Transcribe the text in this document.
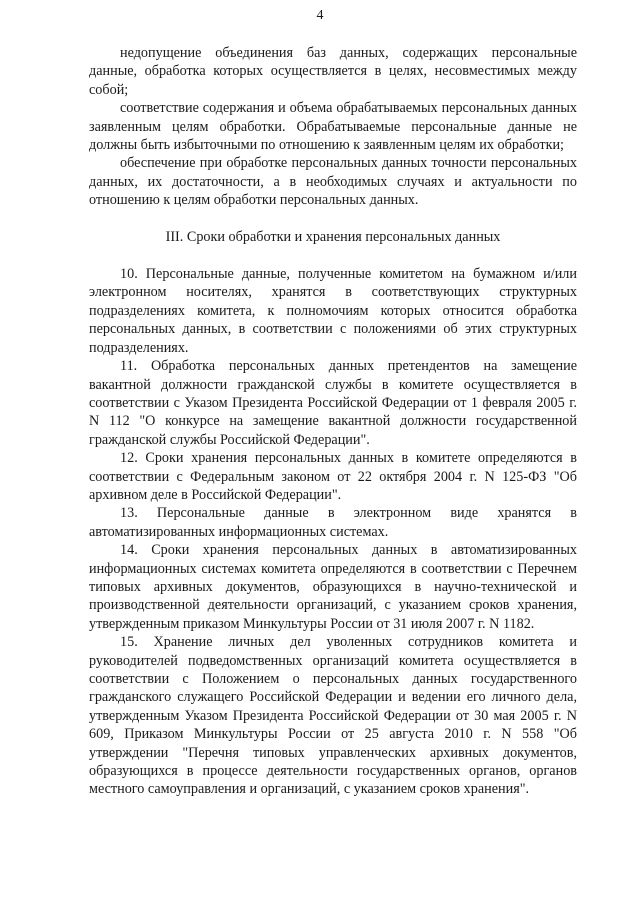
4

недопущение объединения баз данных, содержащих персональные данные, обработка которых осуществляется в целях, несовместимых между собой;

соответствие содержания и объема обрабатываемых персональных данных заявленным целям обработки. Обрабатываемые персональные данные не должны быть избыточными по отношению к заявленным целям их обработки;

обеспечение при обработке персональных данных точности персональных данных, их достаточности, а в необходимых случаях и актуальности по отношению к целям обработки персональных данных.

III. Сроки обработки и хранения персональных данных

10. Персональные данные, полученные комитетом на бумажном и/или электронном носителях, хранятся в соответствующих структурных подразделениях комитета, к полномочиям которых относится обработка персональных данных, в соответствии с положениями об этих структурных подразделениях.

11. Обработка персональных данных претендентов на замещение вакантной должности гражданской службы в комитете осуществляется в соответствии с Указом Президента Российской Федерации от 1 февраля 2005 г. N 112 "О конкурсе на замещение вакантной должности государственной гражданской службы Российской Федерации".

12. Сроки хранения персональных данных в комитете определяются в соответствии с Федеральным законом от 22 октября 2004 г. N 125-ФЗ "Об архивном деле в Российской Федерации".

13. Персональные данные в электронном виде хранятся в автоматизированных информационных системах.

14. Сроки хранения персональных данных в автоматизированных информационных системах комитета определяются в соответствии с Перечнем типовых архивных документов, образующихся в научно-технической и производственной деятельности организаций, с указанием сроков хранения, утвержденным приказом Минкультуры России от 31 июля 2007 г. N 1182.

15. Хранение личных дел уволенных сотрудников комитета и руководителей подведомственных организаций комитета осуществляется в соответствии с Положением о персональных данных государственного гражданского служащего Российской Федерации и ведении его личного дела, утвержденным Указом Президента Российской Федерации от 30 мая 2005 г. N 609, Приказом Минкультуры России от 25 августа 2010 г. N 558 "Об утверждении "Перечня типовых управленческих архивных документов, образующихся в процессе деятельности государственных органов, органов местного самоуправления и организаций, с указанием сроков хранения".
